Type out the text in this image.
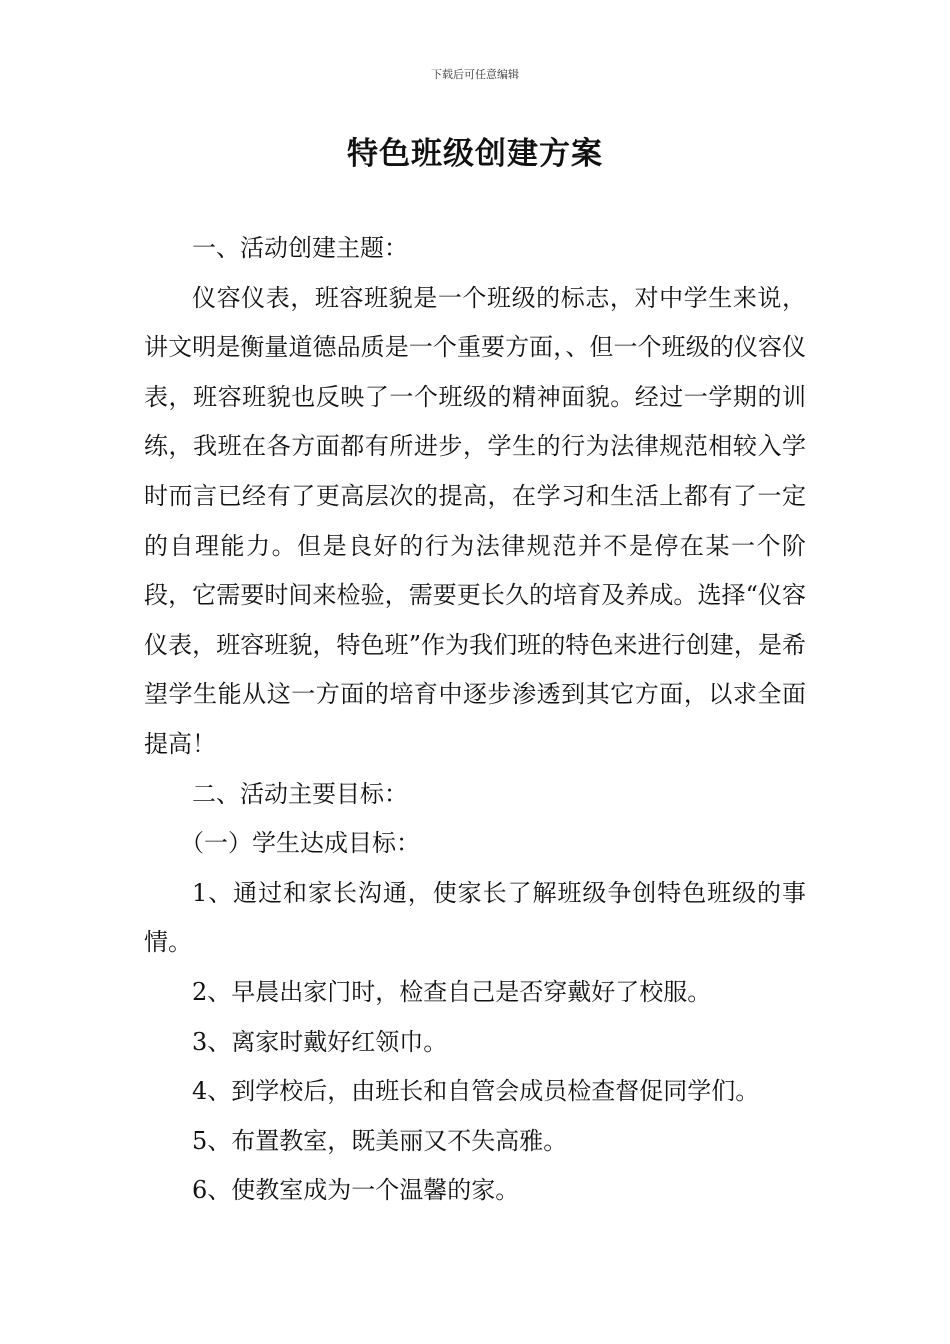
下载后可任意编辑
特色班级创建方案

一、活动创建主题：

仪容仪表，班容班貌是一个班级的标志，对中学生来说，讲文明是衡量道德品质是一个重要方面，、但一个班级的仪容仪表，班容班貌也反映了一个班级的精神面貌。经过一学期的训练，我班在各方面都有所进步，学生的行为法律规范相较入学时而言已经有了更高层次的提高，在学习和生活上都有了一定的自理能力。但是良好的行为法律规范并不是停在某一个阶段，它需要时间来检验，需要更长久的培育及养成。选择“仪容仪表，班容班貌，特色班”作为我们班的特色来进行创建，是希望学生能从这一方面的培育中逐步渗透到其它方面，以求全面提高！

二、活动主要目标：

（一）学生达成目标：

1、通过和家长沟通，使家长了解班级争创特色班级的事情。

2、早晨出家门时，检查自己是否穿戴好了校服。

3、离家时戴好红领巾。

4、到学校后，由班长和自管会成员检查督促同学们。

5、布置教室，既美丽又不失高雅。

6、使教室成为一个温馨的家。
